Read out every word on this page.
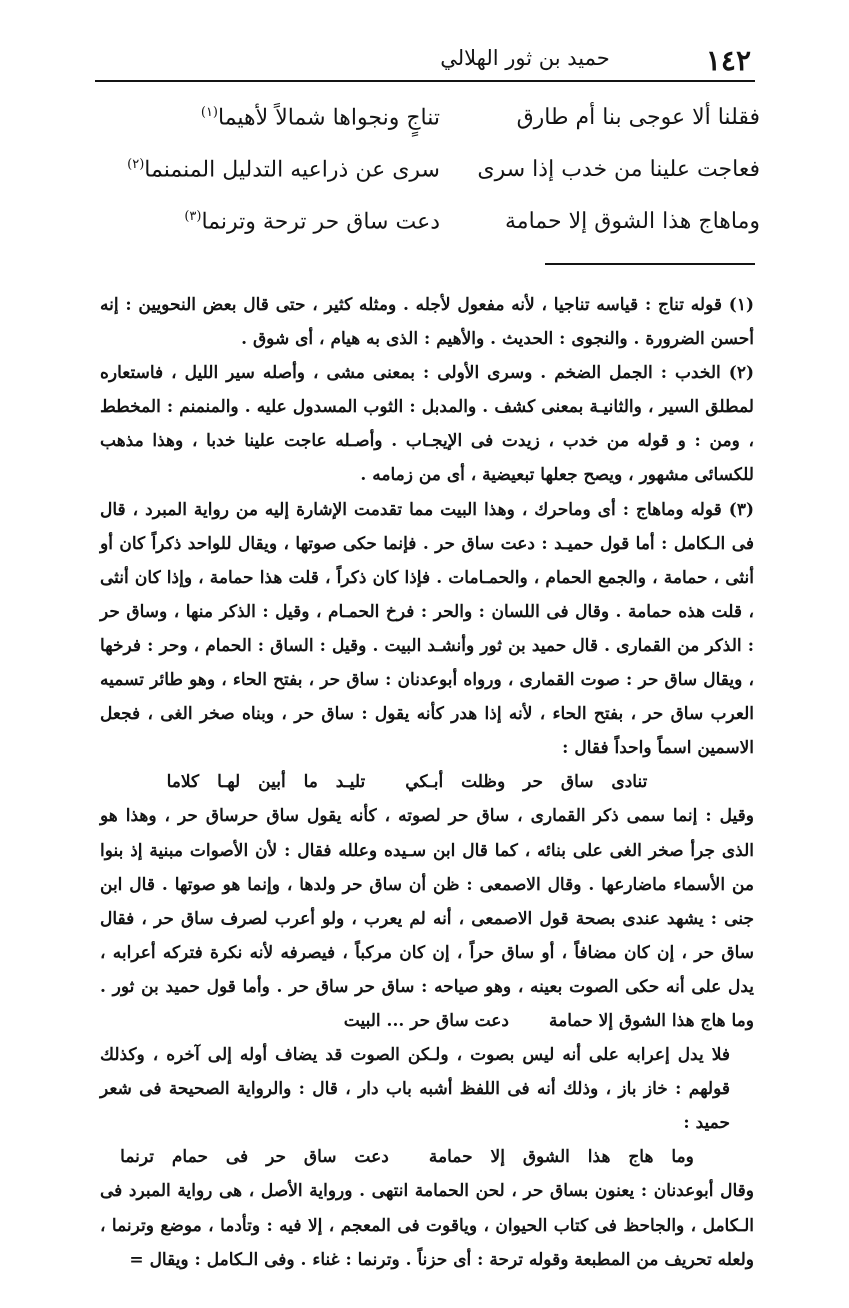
١٤٢
حميد بن ثور الهلالي
فقلنا ألا عوجى بنا أم طارق
تناجٍ ونجواها شمالاً لأهيما$^{(١)}$
فعاجت علينا من خدب إذا سرى
سرى عن ذراعيه التدليل المنمنما$^{(٢)}$
وماهاج هذا الشوق إلا حمامة
دعت ساق حر ترحة وترنما$^{(٣)}$

(١) قوله تناج : قياسه تناجيا ، لأنه مفعول لأجله . ومثله كثير ، حتى قال بعض النحويين : إنه أحسن الضرورة . والنجوى : الحديث . والأهيم : الذى به هيام ، أى شوق .

(٢) الخدب : الجمل الضخم . وسرى الأولى : بمعنى مشى ، وأصله سير الليل ، فاستعاره لمطلق السير ، والثانيـة بمعنى كشف . والمدبل : الثوب المسدول عليه . والمنمنم : المخطط ، ومن : و قوله من خدب ، زيدت فى الإيجـاب . وأصـله عاجت علينا خدبا ، وهذا مذهب للكسائى مشهور ، ويصح جعلها تبعيضية ، أى من زمامه .

(٣) قوله وماهاج : أى وماحرك ، وهذا البيت مما تقدمت الإشارة إليه من رواية المبرد ، قال فى الـكامل : أما قول حميـد : دعت ساق حر . فإنما حكى صوتها ، ويقال للواحد ذكراً كان أو أنثى ، حمامة ، والجمع الحمام ، والحمـامات . فإذا كان ذكراً ، قلت هذا حمامة ، وإذا كان أنثى ، قلت هذه حمامة . وقال فى اللسان : والحر : فرخ الحمـام ، وقيل : الذكر منها ، وساق حر : الذكر من القمارى . قال حميد بن ثور وأنشـد البيت . وقيل : الساق : الحمام ، وحر : فرخها ، ويقال ساق حر : صوت القمارى ، ورواه أبوعدنان : ساق حر ، بفتح الحاء ، وهو طائر تسميه العرب ساق حر ، بفتح الحاء ، لأنه إذا هدر كأنه يقول : ساق حر ، وبناه صخر الغى ، فجعل الاسمين اسماً واحداً فقال :

تنادى ساق حر وظلت أبـكيتليـد ما أبين لهـا كلاما

وقيل : إنما سمى ذكر القمارى ، ساق حر لصوته ، كأنه يقول ساق حرساق حر ، وهذا هو الذى جرأ صخر الغى على بنائه ، كما قال ابن سـيده وعلله فقال : لأن الأصوات مبنية إذ بنوا من الأسماء ماضارعها . وقال الاصمعى : ظن أن ساق حر ولدها ، وإنما هو صوتها . قال ابن جنى : يشهد عندى بصحة قول الاصمعى ، أنه لم يعرب ، ولو أعرب لصرف ساق حر ، فقال ساق حر ، إن كان مضافاً ، أو ساق حراً ، إن كان مركباً ، فيصرفه لأنه نكرة فتركه أعرابه ، يدل على أنه حكى الصوت بعينه ، وهو صياحه : ساق حر ساق حر . وأما قول حميد بن ثور . وما هاج هذا الشوق إلا حمامةدعت ساق حر ... البيت

فلا يدل إعرابه على أنه ليس بصوت ، ولـكن الصوت قد يضاف أوله إلى آخره ، وكذلك قولهم : خاز باز ، وذلك أنه فى اللفظ أشبه باب دار ، قال : والرواية الصحيحة فى شعر حميد :

وما هاج هذا الشوق إلا حمامةدعت ساق حر فى حمام ترنما

وقال أبوعدنان : يعنون بساق حر ، لحن الحمامة انتهى . ورواية الأصل ، هى رواية المبرد فى الـكامل ، والجاحظ فى كتاب الحيوان ، وياقوت فى المعجم ، إلا فيه : وتأدما ، موضع وترنما ، ولعله تحريف من المطبعة وقوله ترحة : أى حزناً . وترنما : غناء . وفى الـكامل : ويقال =
